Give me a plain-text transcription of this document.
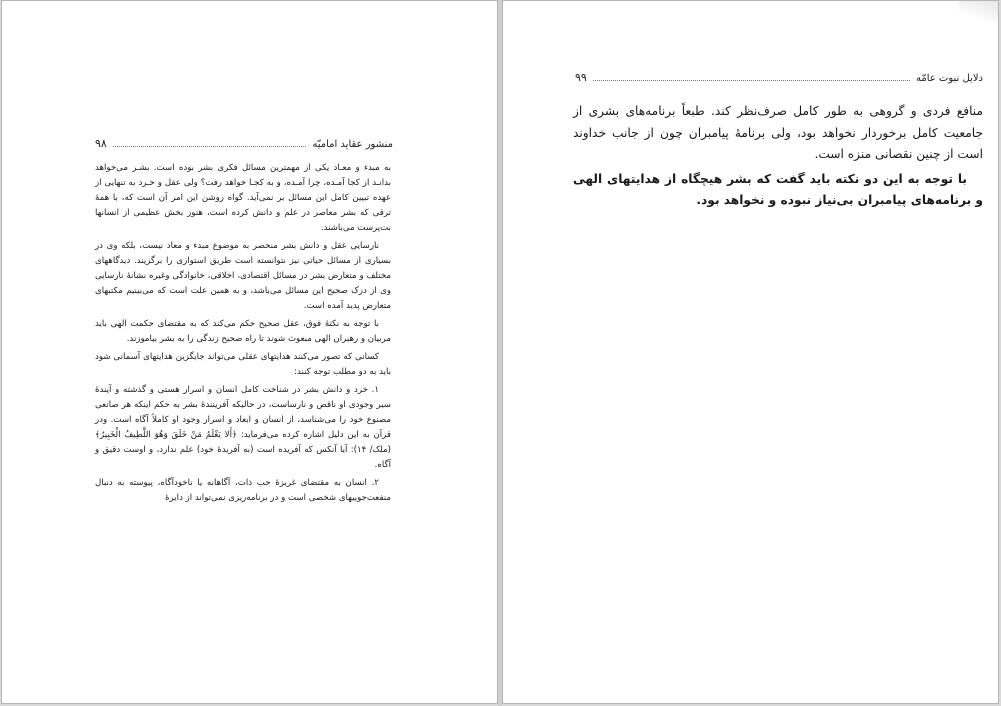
منشور عقاید امامیّه
۹۸

به مبدء و معـاد یکی از مهمترین مسائل فکری بشر بوده است. بشـر می‌خواهد بدانـد از کجا آمـده، چرا آمـده، و به کجـا خواهد رفت؟ ولی عقل و خـرد به تنهایی از عهده تبیین کامل این مسائل بر نمی‌آید. گواه روشن این امر آن است که، با همهٔ ترقی که بشر معاصر در علم و دانش کرده است، هنوز بخش عظیمی از انسانها بت‌پرست می‌باشند.

نارسایی عقل و دانش بشر منحصر به موضوع مبدء و معاد نیست، بلکه وی در بسیاری از مسائل حیاتی نیز نتوانسته است طریق استواری را برگزیند. دیدگاههای مختلف و متعارض بشر در مسائل اقتصادی، اخلاقی، خانوادگی وغیره نشانهٔ نارسایی وی از درک صحیح این مسائل می‌باشد، و به همین علت است که می‌بینیم مکتبهای متعارض پدید آمده است.

با توجه به نکتهٔ فوق، عقل صحیح حکم می‌کند که به مقتضای حکمت الهی باید مربیان و رهبران الهی مبعوث شوند تا راه صحیح زندگی را به بشر بیاموزند.

کسانی که تصور می‌کنند هدایتهای عقلی می‌تواند جایگزین هدایتهای آسمانی شود باید به دو مطلب توجه کنند:

۱. خرد و دانش بشر در شناخت کامل انسان و اسرار هستی و گذشته و آیندهٔ سیر وجودی او ناقص و نارساست، در حالیکه آفرینندهٔ بشر به حکم اینکه هر صانعی مصنوع خود را می‌شناسد، از انسان و ابعاد و اسرار وجود او کاملاً آگاه است. ودر قرآن به این دلیل اشاره کرده می‌فرماید: ﴿أَلا یَعْلَمُ مَنْ خَلَقَ وَهُوَ اللَّطِیفُ الْخَبِیرُ﴾ (ملک/ ۱۴): آیا آنکس که آفریده است (به آفریدهٔ خود) علم ندارد، و اوست دقیق و آگاه.

۲. انسان به مقتضای غریزهٔ حب ذات، آگاهانه یا ناخودآگاه، پیوسته به دنبال منفعت‌جوییهای شخصی است و در برنامه‌ریزی نمی‌تواند از دایرهٔ

دلایل نبوت عامّه
۹۹

منافع فردی و گروهی به طور کامل صرف‌نظر کند. طبعاً برنامه‌های بشری از جامعیت کامل برخوردار نخواهد بود، ولی برنامهٔ پیامبران چون از جانب خداوند است از چنین نقصانی منزه است.

با توجه به این دو نکته باید گفت که بشر هیچگاه از هدایتهای الهی و برنامه‌های پیامبران بی‌نیاز نبوده و نخواهد بود.
